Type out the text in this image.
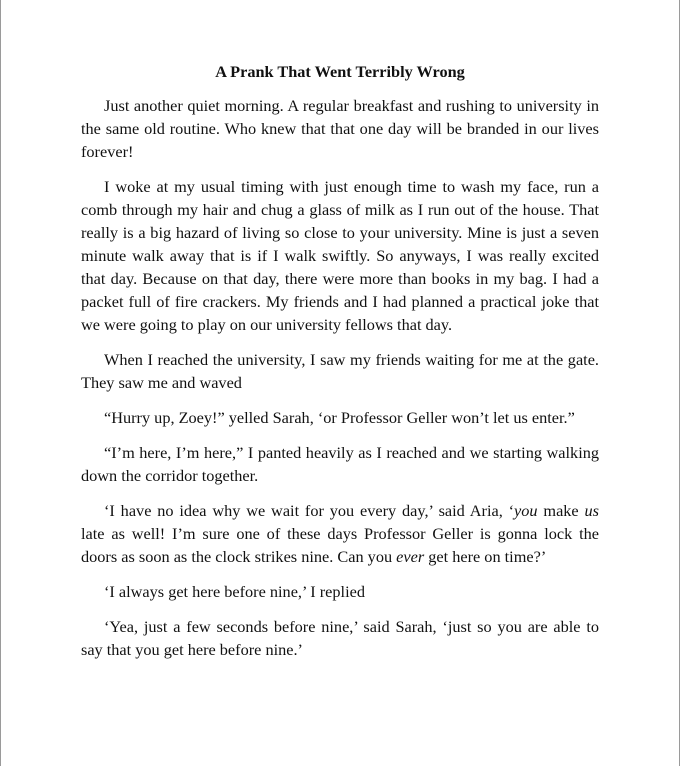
A Prank That Went Terribly Wrong

Just another quiet morning. A regular breakfast and rushing to university in the same old routine. Who knew that that one day will be branded in our lives forever!

I woke at my usual timing with just enough time to wash my face, run a comb through my hair and chug a glass of milk as I run out of the house. That really is a big hazard of living so close to your university. Mine is just a seven minute walk away that is if I walk swiftly. So anyways, I was really excited that day. Because on that day, there were more than books in my bag. I had a packet full of fire crackers. My friends and I had planned a practical joke that we were going to play on our university fellows that day.

When I reached the university, I saw my friends waiting for me at the gate. They saw me and waved

“Hurry up, Zoey!” yelled Sarah, ‘or Professor Geller won’t let us enter.”

“I’m here, I’m here,” I panted heavily as I reached and we starting walking down the corridor together.

‘I have no idea why we wait for you every day,’ said Aria, ‘you make us late as well! I’m sure one of these days Professor Geller is gonna lock the doors as soon as the clock strikes nine. Can you ever get here on time?’

‘I always get here before nine,’ I replied

‘Yea, just a few seconds before nine,’ said Sarah, ‘just so you are able to say that you get here before nine.’
